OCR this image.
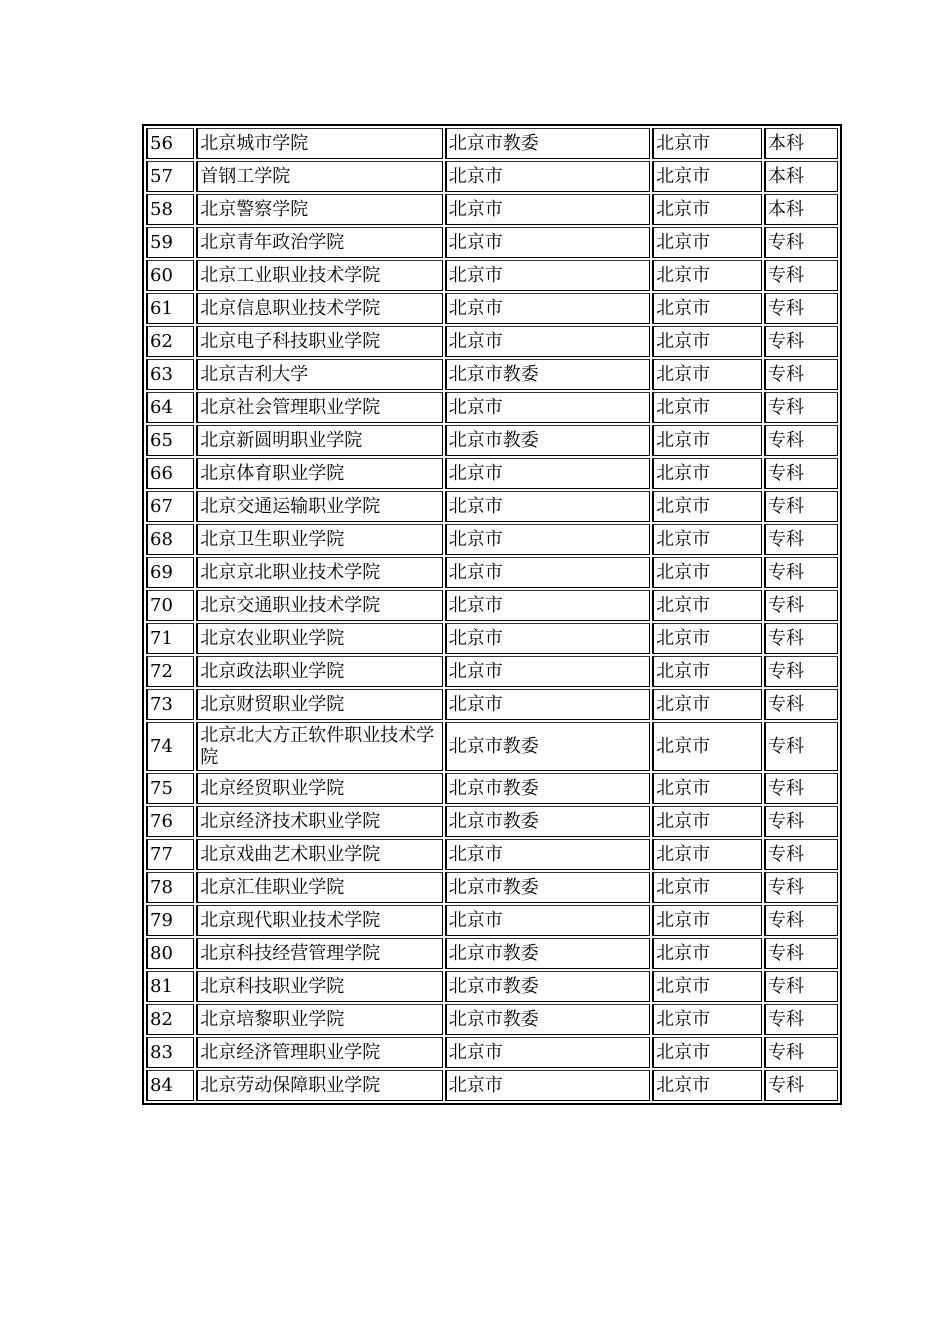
56	北京城市学院	北京市教委	北京市	本科
57	首钢工学院	北京市	北京市	本科
58	北京警察学院	北京市	北京市	本科
59	北京青年政治学院	北京市	北京市	专科
60	北京工业职业技术学院	北京市	北京市	专科
61	北京信息职业技术学院	北京市	北京市	专科
62	北京电子科技职业学院	北京市	北京市	专科
63	北京吉利大学	北京市教委	北京市	专科
64	北京社会管理职业学院	北京市	北京市	专科
65	北京新圆明职业学院	北京市教委	北京市	专科
66	北京体育职业学院	北京市	北京市	专科
67	北京交通运输职业学院	北京市	北京市	专科
68	北京卫生职业学院	北京市	北京市	专科
69	北京京北职业技术学院	北京市	北京市	专科
70	北京交通职业技术学院	北京市	北京市	专科
71	北京农业职业学院	北京市	北京市	专科
72	北京政法职业学院	北京市	北京市	专科
73	北京财贸职业学院	北京市	北京市	专科
74	北京北大方正软件职业技术学院	北京市教委	北京市	专科
75	北京经贸职业学院	北京市教委	北京市	专科
76	北京经济技术职业学院	北京市教委	北京市	专科
77	北京戏曲艺术职业学院	北京市	北京市	专科
78	北京汇佳职业学院	北京市教委	北京市	专科
79	北京现代职业技术学院	北京市	北京市	专科
80	北京科技经营管理学院	北京市教委	北京市	专科
81	北京科技职业学院	北京市教委	北京市	专科
82	北京培黎职业学院	北京市教委	北京市	专科
83	北京经济管理职业学院	北京市	北京市	专科
84	北京劳动保障职业学院	北京市	北京市	专科
